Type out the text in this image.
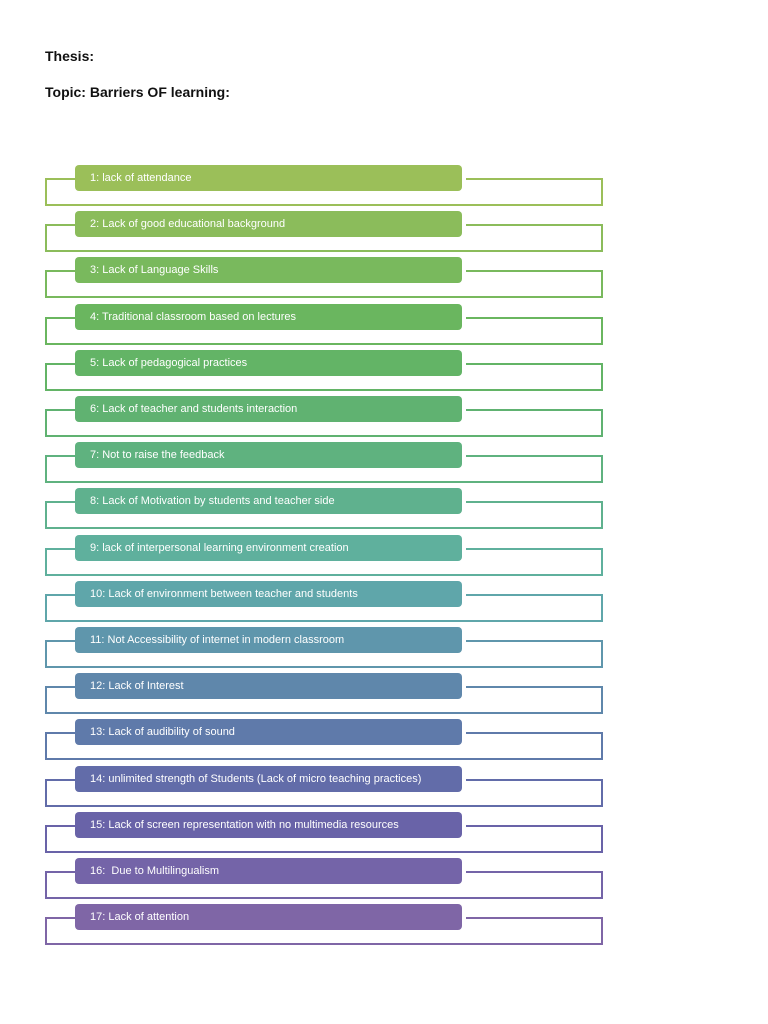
Thesis:
Topic: Barriers OF learning:
1: lack of attendance
2: Lack of good educational background
3: Lack of Language Skills
4: Traditional classroom based on lectures
5: Lack of pedagogical practices
6: Lack of teacher and students interaction
7: Not to raise the feedback
8: Lack of Motivation by students and teacher side
9: lack of interpersonal learning environment creation
10: Lack of environment between teacher and students
11: Not Accessibility of internet in modern classroom
12: Lack of Interest
13: Lack of audibility of sound
14: unlimited strength of Students (Lack of micro teaching practices)
15: Lack of screen representation with no multimedia resources
16:  Due to Multilingualism
17: Lack of attention
